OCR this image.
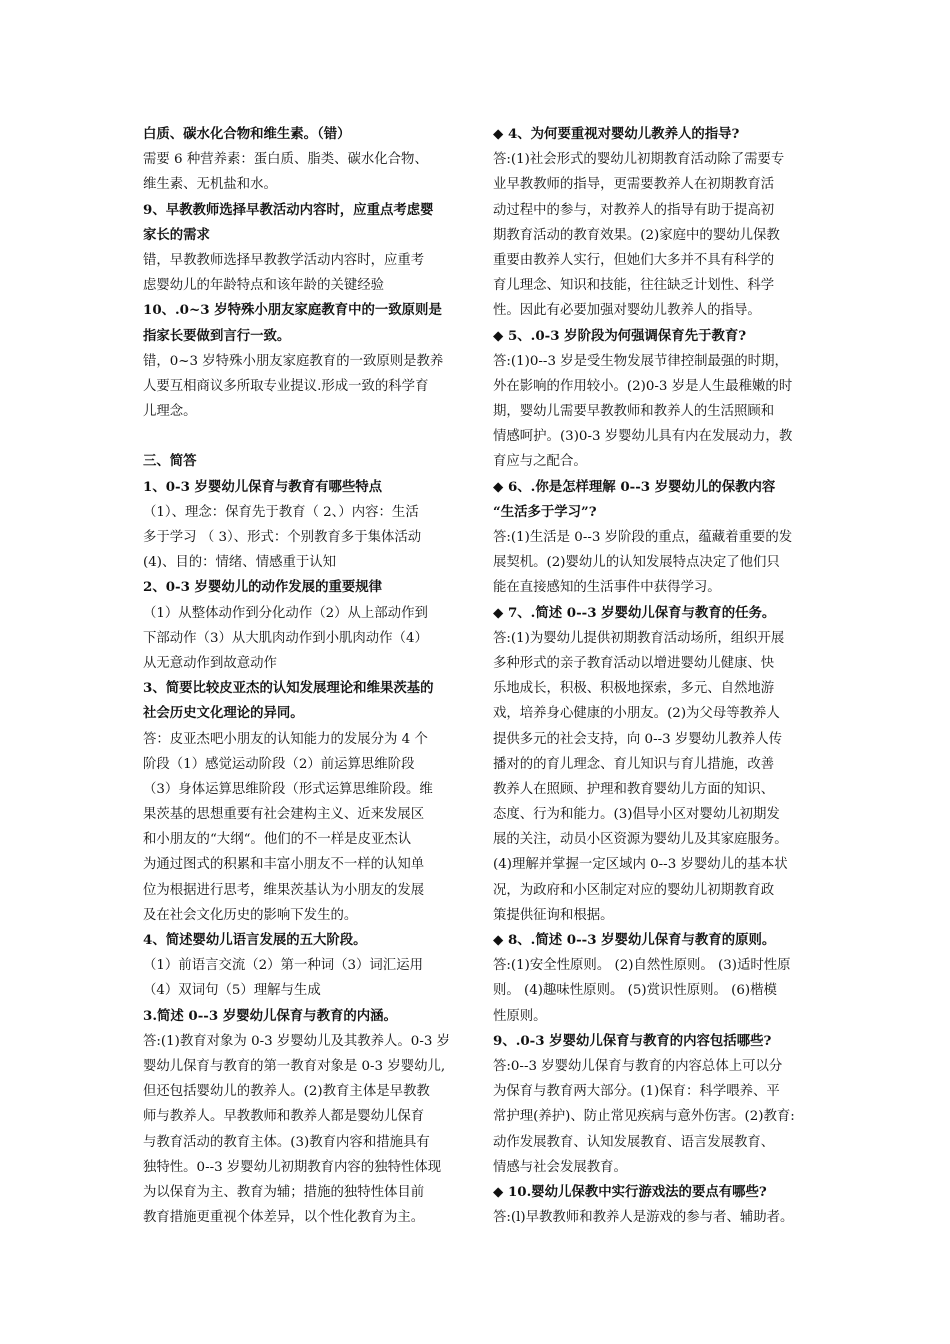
白质、碳水化合物和维生素。（错）
需要 6 种营养素：蛋白质、脂类、碳水化合物、
维生素、无机盐和水。
9、早教教师选择早教活动内容时，应重点考虑婴
家长的需求
错，早教教师选择早教教学活动内容时，应重考
虑婴幼儿的年龄特点和该年龄的关键经验
10、.0~3 岁特殊小朋友家庭教育中的一致原则是
指家长要做到言行一致。
错，0~3 岁特殊小朋友家庭教育的一致原则是教养
人要互相商议多所取专业提议.形成一致的科学育
儿理念。
三、简答
1、0-3 岁婴幼儿保育与教育有哪些特点
（1）、理念：保育先于教育（ 2、）内容：生活
多于学习 （ 3）、形式：个别教育多于集体活动
(4)、目的：情绪、情感重于认知
2、0-3 岁婴幼儿的动作发展的重要规律
（1）从整体动作到分化动作（2）从上部动作到
下部动作（3）从大肌肉动作到小肌肉动作（4）
从无意动作到故意动作
3、简要比较皮亚杰的认知发展理论和维果茨基的
社会历史文化理论的异同。
答：皮亚杰吧小朋友的认知能力的发展分为 4 个
阶段（1）感觉运动阶段（2）前运算思维阶段
（3）身体运算思维阶段（形式运算思维阶段。维
果茨基的思想重要有社会建构主义、近来发展区
和小朋友的“大纲“。他们的不一样是皮亚杰认
为通过图式的积累和丰富小朋友不一样的认知单
位为根据进行思考，维果茨基认为小朋友的发展
及在社会文化历史的影响下发生的。
4、简述婴幼儿语言发展的五大阶段。
（1）前语言交流（2）第一种词（3）词汇运用
（4）双词句（5）理解与生成
3.简述 0--3 岁婴幼儿保育与教育的内涵。
答:(1)教育对象为 0-3 岁婴幼儿及其教养人。0-3 岁
婴幼儿保育与教育的第一教育对象是 0-3 岁婴幼儿,
但还包括婴幼儿的教养人。(2)教育主体是早教教
师与教养人。早教教师和教养人都是婴幼儿保育
与教育活动的教育主体。(3)教育内容和措施具有
独特性。0--3 岁婴幼儿初期教育内容的独特性体现
为以保育为主、教育为辅；措施的独特性体目前
教育措施更重视个体差异，以个性化教育为主。
◆ 4、为何要重视对婴幼儿教养人的指导?
答:(1)社会形式的婴幼儿初期教育活动除了需要专
业早教教师的指导，更需要教养人在初期教育活
动过程中的参与，对教养人的指导有助于提高初
期教育活动的教育效果。(2)家庭中的婴幼儿保教
重要由教养人实行，但她们大多并不具有科学的
育儿理念、知识和技能，往往缺乏计划性、科学
性。因此有必要加强对婴幼儿教养人的指导。
◆ 5、.0-3 岁阶段为何强调保育先于教育?
答:(1)0--3 岁是受生物发展节律控制最强的时期，
外在影响的作用较小。(2)0-3 岁是人生最稚嫩的时
期，婴幼儿需要早教教师和教养人的生活照顾和
情感呵护。(3)0-3 岁婴幼儿具有内在发展动力，教
育应与之配合。
◆ 6、.你是怎样理解 0--3 岁婴幼儿的保教内容
“生活多于学习”?
答:(1)生活是 0--3 岁阶段的重点，蕴藏着重要的发
展契机。(2)婴幼儿的认知发展特点决定了他们只
能在直接感知的生活事件中获得学习。
◆ 7、.简述 0--3 岁婴幼儿保育与教育的任务。
答:(1)为婴幼儿提供初期教育活动场所，组织开展
多种形式的亲子教育活动以增进婴幼儿健康、快
乐地成长，积极、积极地探索，多元、自然地游
戏，培养身心健康的小朋友。(2)为父母等教养人
提供多元的社会支持，向 0--3 岁婴幼儿教养人传
播对的的育儿理念、育儿知识与育儿措施，改善
教养人在照顾、护理和教育婴幼儿方面的知识、
态度、行为和能力。(3)倡导小区对婴幼儿初期发
展的关注，动员小区资源为婴幼儿及其家庭服务。
(4)理解并掌握一定区域内 0--3 岁婴幼儿的基本状
况，为政府和小区制定对应的婴幼儿初期教育政
策提供征询和根据。
◆ 8、.简述 0--3 岁婴幼儿保育与教育的原则。
答:(1)安全性原则。 (2)自然性原则。 (3)适时性原
则。 (4)趣味性原则。 (5)赏识性原则。 (6)楷模
性原则。
9、.0-3 岁婴幼儿保育与教育的内容包括哪些?
答:0--3 岁婴幼儿保育与教育的内容总体上可以分
为保育与教育两大部分。(1)保育：科学喂养、平
常护理(养护)、防止常见疾病与意外伤害。(2)教育:
动作发展教育、认知发展教育、语言发展教育、
情感与社会发展教育。
◆ 10.婴幼儿保教中实行游戏法的要点有哪些?
答:(l)早教教师和教养人是游戏的参与者、辅助者。
